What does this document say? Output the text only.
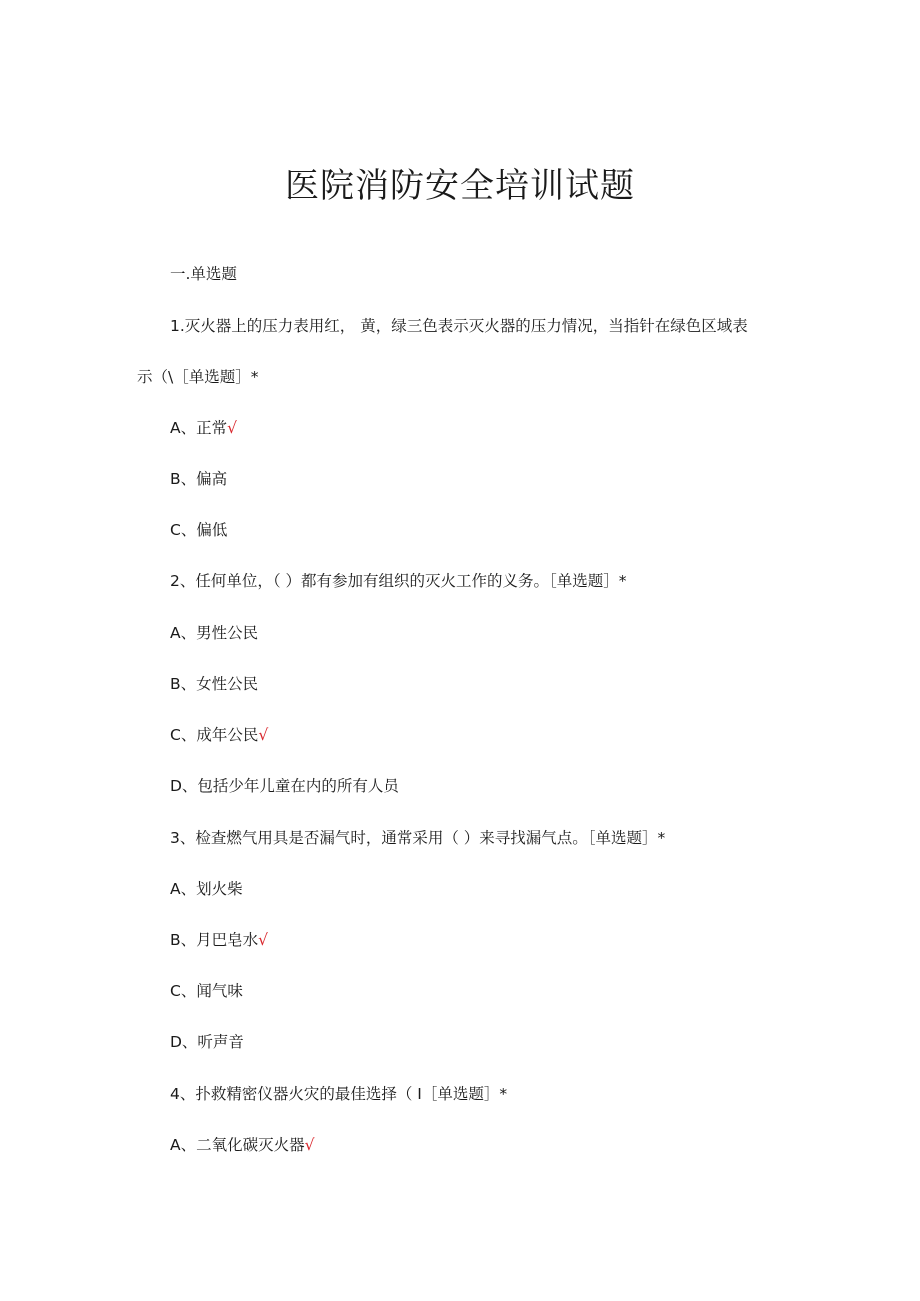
医院消防安全培训试题
一.单选题
1.灭火器上的压力表用红， 黄，绿三色表示灭火器的压力情况，当指针在绿色区域表
示（\［单选题］*
A、正常√
B、偏高
C、偏低
2、任何单位，（ ）都有参加有组织的灭火工作的义务。［单选题］*
A、男性公民
B、女性公民
C、成年公民√
D、包括少年儿童在内的所有人员
3、检查燃气用具是否漏气时，通常采用（ ）来寻找漏气点。［单选题］*
A、划火柴
B、月巴皂水√
C、闻气味
D、听声音
4、扑救精密仪器火灾的最佳选择（ I［单选题］*
A、二氧化碳灭火器√
